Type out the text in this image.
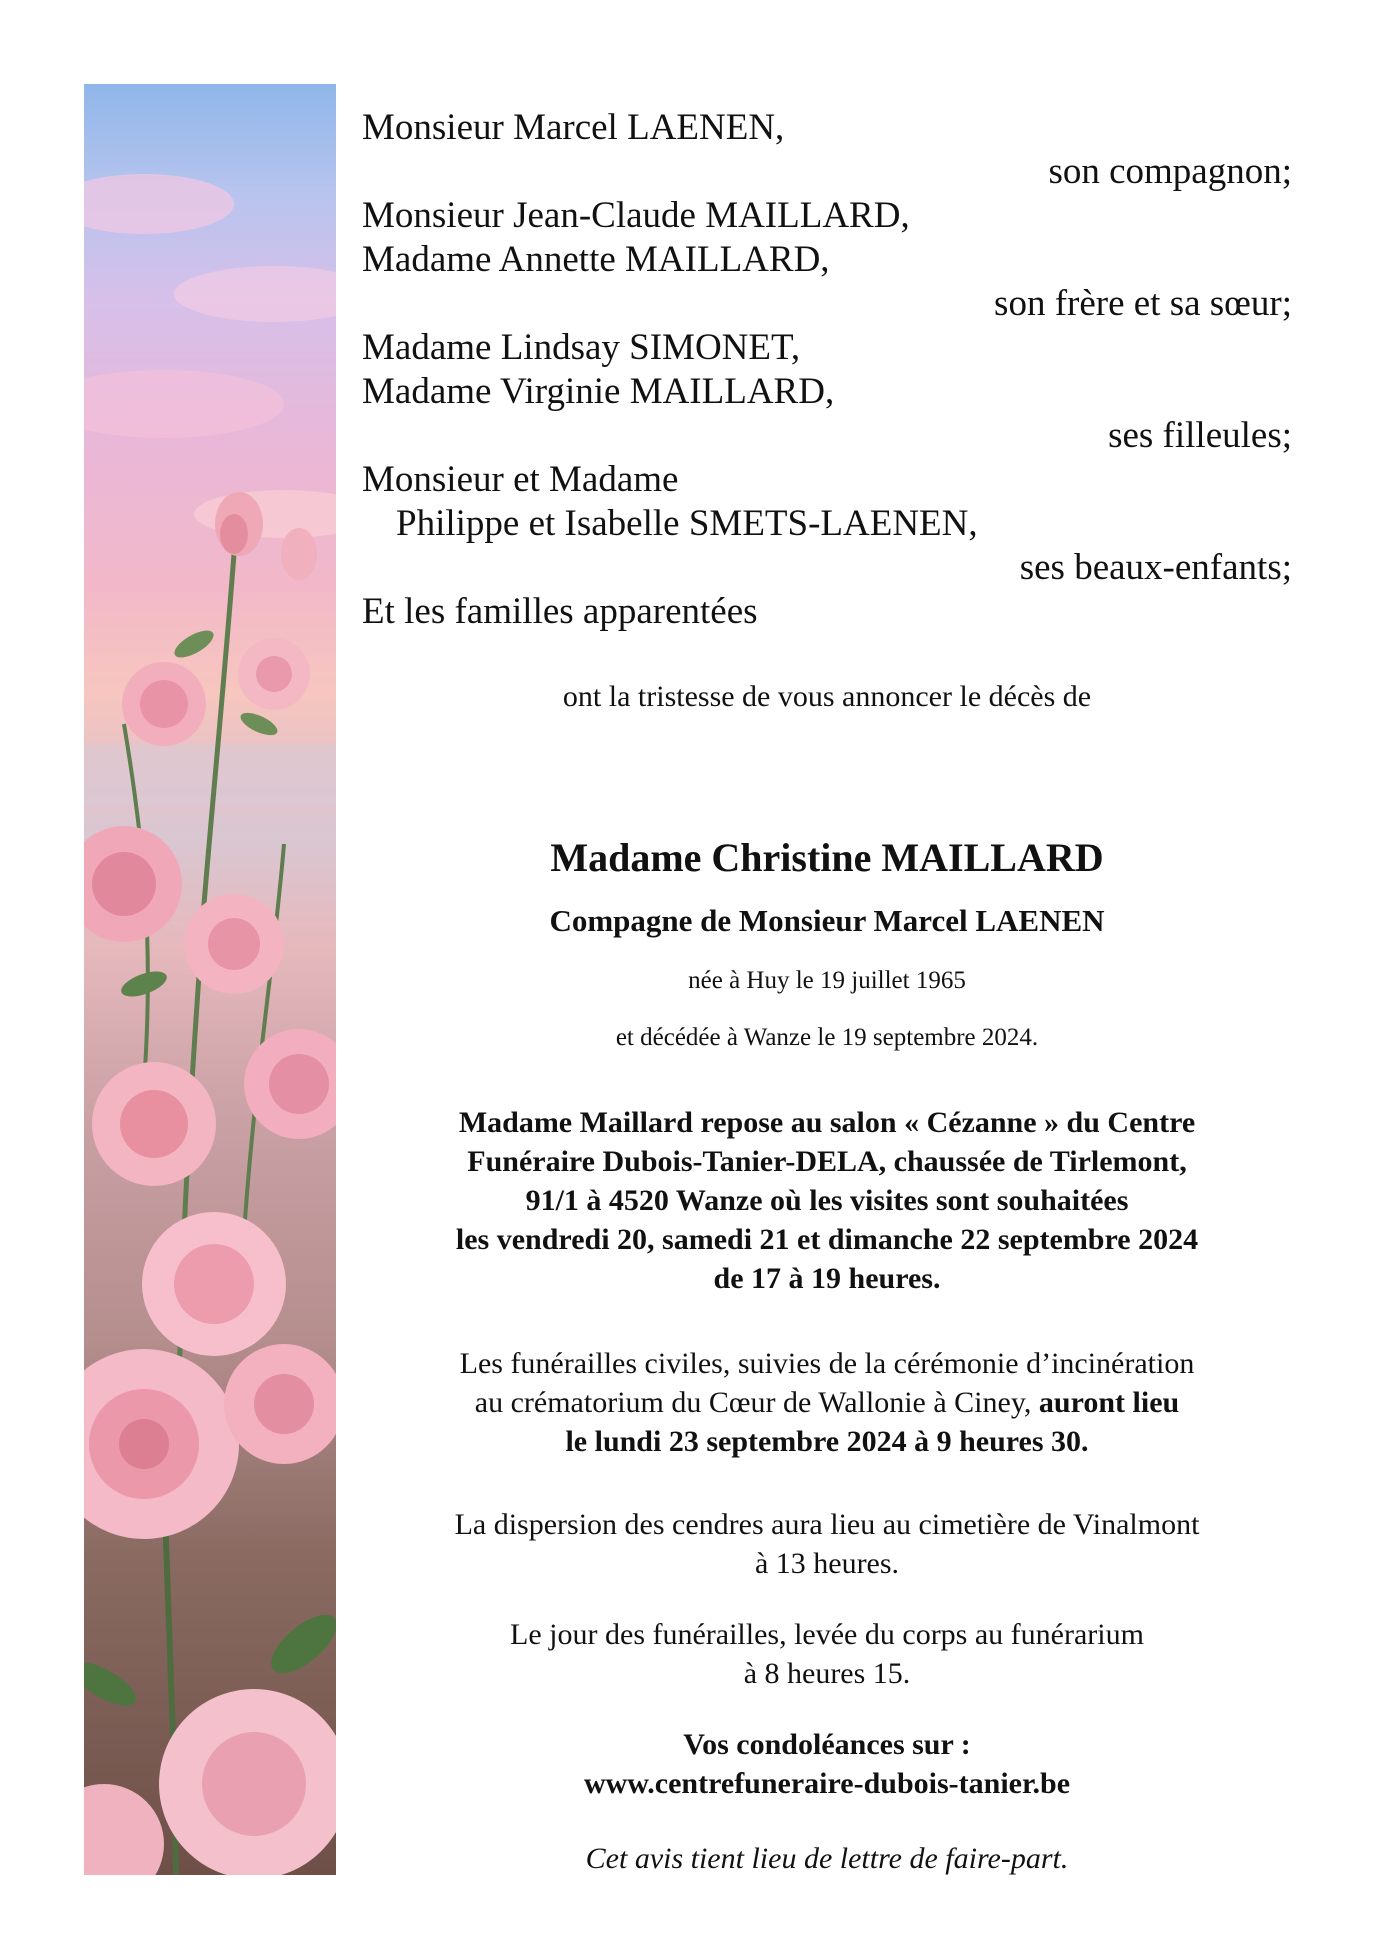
Monsieur Marcel LAENEN,
son compagnon;
Monsieur Jean-Claude MAILLARD,
Madame Annette MAILLARD,
son frère et sa sœur;
Madame Lindsay SIMONET,
Madame Virginie MAILLARD,
ses filleules;
Monsieur et Madame
Philippe et Isabelle SMETS-LAENEN,
ses beaux-enfants;
Et les familles apparentées
ont la tristesse de vous annoncer le décès de
Madame Christine MAILLARD
Compagne de Monsieur Marcel LAENEN
née à Huy le 19 juillet 1965
et décédée à Wanze le 19 septembre 2024.
Madame Maillard repose au salon « Cézanne » du Centre
Funéraire Dubois-Tanier-DELA, chaussée de Tirlemont,
91/1 à 4520 Wanze où les visites sont souhaitées
les vendredi 20, samedi 21 et dimanche 22 septembre 2024
de 17 à 19 heures.
Les funérailles civiles, suivies de la cérémonie d’incinération
au crématorium du Cœur de Wallonie à Ciney, auront lieu
le lundi 23 septembre 2024 à 9 heures 30.
La dispersion des cendres aura lieu au cimetière de Vinalmont
à 13 heures.
Le jour des funérailles, levée du corps au funérarium
à 8 heures 15.
Vos condoléances sur :
www.centrefuneraire-dubois-tanier.be
Cet avis tient lieu de lettre de faire-part.
